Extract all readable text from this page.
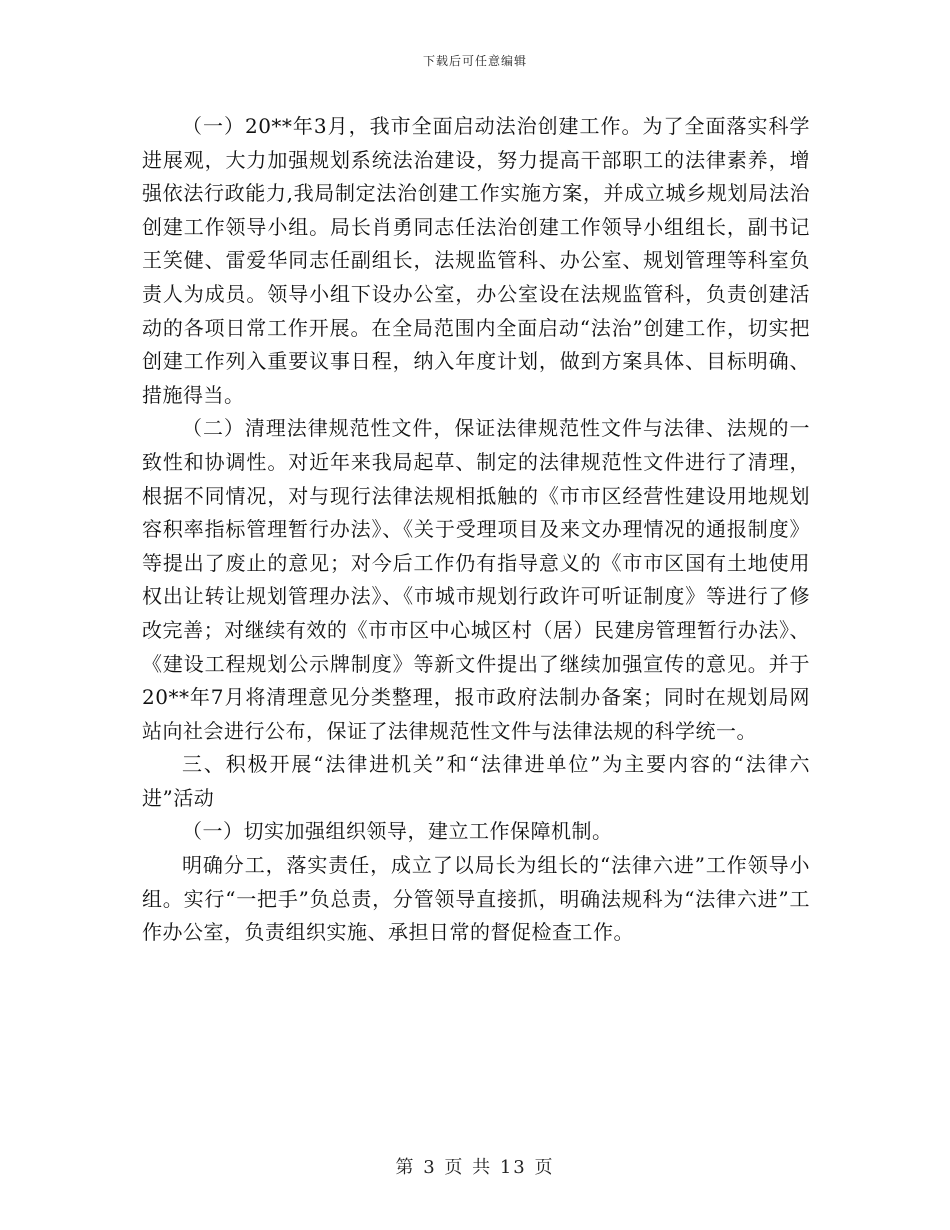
下载后可任意编辑

（一）20**年3月，我市全面启动法治创建工作。为了全面落实科学进展观，大力加强规划系统法治建设，努力提高干部职工的法律素养，增强依法行政能力,我局制定法治创建工作实施方案，并成立城乡规划局法治创建工作领导小组。局长肖勇同志任法治创建工作领导小组组长，副书记王笑健、雷爱华同志任副组长，法规监管科、办公室、规划管理等科室负责人为成员。领导小组下设办公室，办公室设在法规监管科，负责创建活动的各项日常工作开展。在全局范围内全面启动“法治”创建工作，切实把创建工作列入重要议事日程，纳入年度计划，做到方案具体、目标明确、措施得当。

（二）清理法律规范性文件，保证法律规范性文件与法律、法规的一致性和协调性。对近年来我局起草、制定的法律规范性文件进行了清理，根据不同情况，对与现行法律法规相抵触的《市市区经营性建设用地规划容积率指标管理暂行办法》、《关于受理项目及来文办理情况的通报制度》等提出了废止的意见；对今后工作仍有指导意义的《市市区国有土地使用权出让转让规划管理办法》、《市城市规划行政许可听证制度》等进行了修改完善；对继续有效的《市市区中心城区村（居）民建房管理暂行办法》、《建设工程规划公示牌制度》等新文件提出了继续加强宣传的意见。并于20**年7月将清理意见分类整理，报市政府法制办备案；同时在规划局网站向社会进行公布，保证了法律规范性文件与法律法规的科学统一。

三、积极开展“法律进机关”和“法律进单位”为主要内容的“法律六进”活动

（一）切实加强组织领导，建立工作保障机制。

明确分工，落实责任，成立了以局长为组长的“法律六进”工作领导小组。实行“一把手”负总责，分管领导直接抓，明确法规科为“法律六进”工作办公室，负责组织实施、承担日常的督促检查工作。

第 3 页 共 13 页
